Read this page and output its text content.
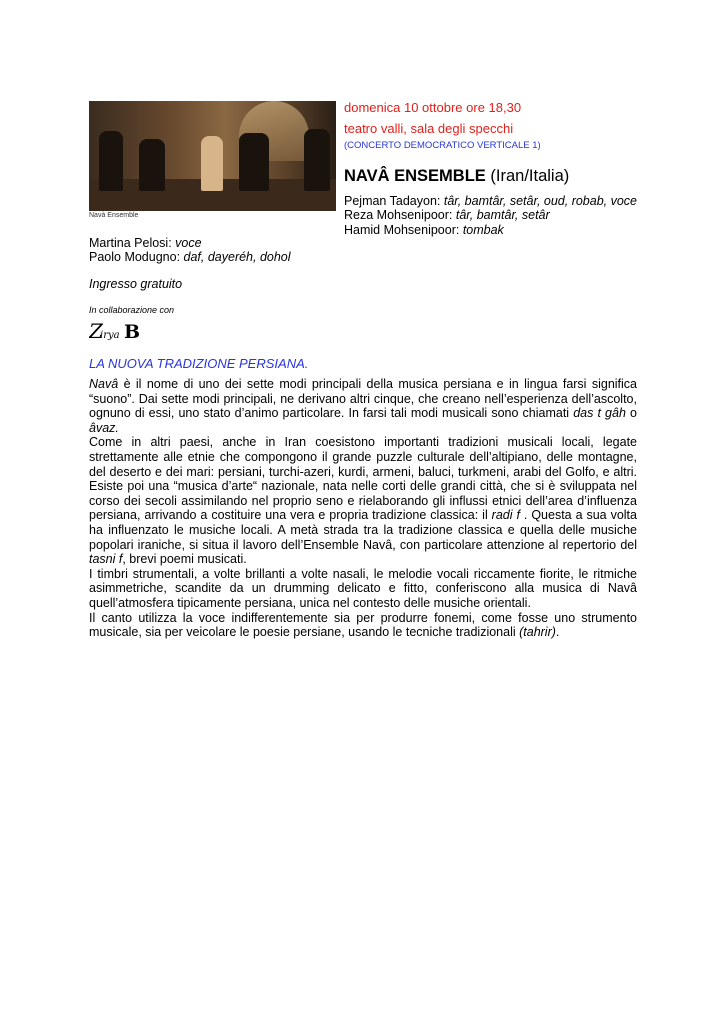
Navà Ensemble
domenica 10 ottobre ore 18,30
teatro valli, sala degli specchi
(CONCERTO DEMOCRATICO VERTICALE 1)
NAVÂ ENSEMBLE (Iran/Italia)
Pejman Tadayon: târ, bamtâr, setâr, oud, robab, voce
Reza Mohsenipoor: târ, bamtâr, setâr
Hamid Mohsenipoor: tombak
Martina Pelosi: voce
Paolo Modugno: daf, dayeréh, dohol
Ingresso gratuito
In collaborazione con
Z
irya B
LA NUOVA TRADIZIONE PERSIANA.

Navâ è il nome di uno dei sette modi principali della musica persiana e in lingua farsi significa “suono”. Dai sette modi principali, ne derivano altri cinque, che creano nell’esperienza dell’ascolto, ognuno di essi, uno stato d’animo particolare. In farsi tali modi musicali sono chiamati das t gâh o âvaz.

Come in altri paesi, anche in Iran coesistono importanti tradizioni musicali locali, legate strettamente alle etnie che compongono il grande puzzle culturale dell’altipiano, delle montagne, del deserto e dei mari: persiani, turchi-azeri, kurdi, armeni, baluci, turkmeni, arabi del Golfo, e altri. Esiste poi una “musica d’arte“ nazionale, nata nelle corti delle grandi città, che si è sviluppata nel corso dei secoli assimilando nel proprio seno e rielaborando gli influssi etnici dell’area d’influenza persiana, arrivando a costituire una vera e propria tradizione classica: il radi f . Questa a sua volta ha influenzato le musiche locali. A metà strada tra la tradizione classica e quella delle musiche popolari iraniche, si situa il lavoro dell’Ensemble Navâ, con particolare attenzione al repertorio del tasni f, brevi poemi musicati.

I timbri strumentali, a volte brillanti a volte nasali, le melodie vocali riccamente fiorite, le ritmiche asimmetriche, scandite da un drumming delicato e fitto, conferiscono alla musica di Navâ quell’atmosfera tipicamente persiana, unica nel contesto delle musiche orientali.

Il canto utilizza la voce indifferentemente sia per produrre fonemi, come fosse uno strumento musicale, sia per veicolare le poesie persiane, usando le tecniche tradizionali (tahrir).
